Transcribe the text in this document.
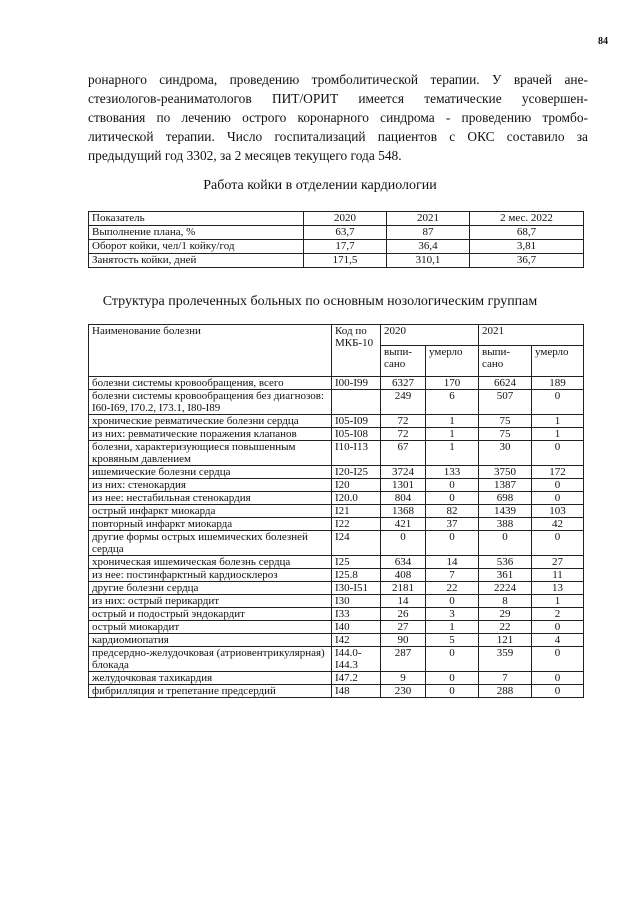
84
ронарного синдрома, проведению тромболитической терапии. У врачей ане-
стезиологов-реаниматологов ПИТ/ОРИТ имеется тематические усовершен-
ствования по лечению острого коронарного синдрома - проведению тромбо-
литической терапии. Число госпитализаций пациентов с ОКС составило за
предыдущий год 3302, за 2 месяцев текущего года 548.
Работа койки в отделении кардиологии
Показатель	2020	2021	2 мес. 2022
Выполнение плана, %	63,7	87	68,7
Оборот койки, чел/1 койку/год	17,7	36,4	3,81
Занятость койки, дней	171,5	310,1	36,7
Структура пролеченных больных по основным нозологическим группам
Наименование болезни	Код по МКБ-10	2020		2021	
		выпи-сано	умерло	выпи-сано	умерло
болезни системы кровообращения, всего	I00-I99	6327	170	6624	189
болезни системы кровообращения без диагнозов: I60-I69, I70.2, I73.1, I80-I89		249	6	507	0
хронические ревматические болезни сердца	I05-I09	72	1	75	1
из них: ревматические поражения клапанов	I05-I08	72	1	75	1
болезни, характеризующиеся повышенным кровяным давлением	I10-I13	67	1	30	0
ишемические болезни сердца	I20-I25	3724	133	3750	172
из них: стенокардия	I20	1301	0	1387	0
из нее: нестабильная стенокардия	I20.0	804	0	698	0
острый инфаркт миокарда	I21	1368	82	1439	103
повторный инфаркт миокарда	I22	421	37	388	42
другие формы острых ишемических болезней сердца	I24	0	0	0	0
хроническая ишемическая болезнь сердца	I25	634	14	536	27
из нее: постинфарктный кардиосклероз	I25.8	408	7	361	11
другие болезни сердца	I30-I51	2181	22	2224	13
из них: острый перикардит	I30	14	0	8	1
острый и подострый эндокардит	I33	26	3	29	2
острый миокардит	I40	27	1	22	0
кардиомиопатия	I42	90	5	121	4
предсердно-желудочковая (атриовентрикулярная) блокада	I44.0-I44.3	287	0	359	0
желудочковая тахикардия	I47.2	9	0	7	0
фибрилляция и трепетание предсердий	I48	230	0	288	0
